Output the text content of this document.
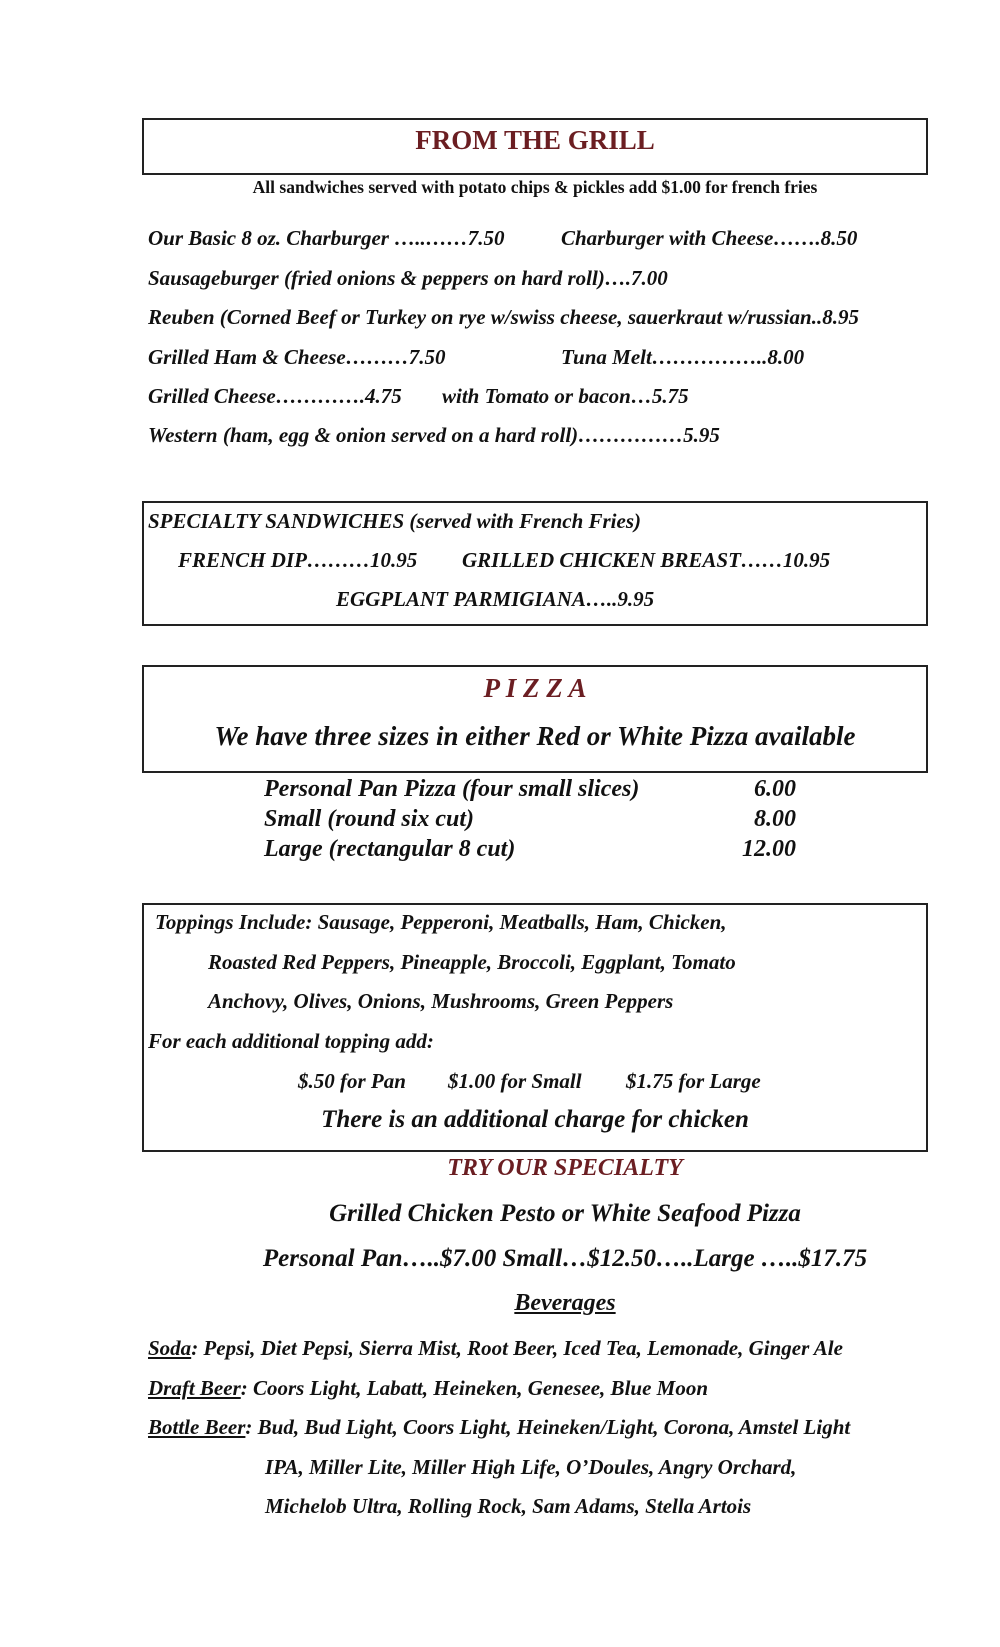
FROM THE GRILL
All sandwiches served with potato chips & pickles add $1.00 for french fries
Our Basic 8 oz. Charburger …..……7.50	Charburger with Cheese…….8.50
Sausageburger (fried onions & peppers on hard roll)….7.00
Reuben (Corned Beef or Turkey on rye w/swiss cheese, sauerkraut w/russian..8.95
Grilled Ham & Cheese………7.50	Tuna Melt……………..8.00
Grilled Cheese………….4.75 with Tomato or bacon…5.75
Western (ham, egg & onion served on a hard roll)……………5.95
SPECIALTY SANDWICHES (served with French Fries)
FRENCH DIP………10.95 GRILLED CHICKEN BREAST……10.95
EGGPLANT PARMIGIANA…..9.95
P I Z Z A
We have three sizes in either Red or White Pizza available
Personal Pan Pizza (four small slices)	6.00
Small (round six cut)	8.00
Large (rectangular 8 cut)	12.00
Toppings Include: Sausage, Pepperoni, Meatballs, Ham, Chicken,
Roasted Red Peppers, Pineapple, Broccoli, Eggplant, Tomato
Anchovy, Olives, Onions, Mushrooms, Green Peppers
For each additional topping add:
$.50 for Pan $1.00 for Small $1.75 for Large
There is an additional charge for chicken
TRY OUR SPECIALTY
Grilled Chicken Pesto or White Seafood Pizza
Personal Pan…..$7.00 Small…$12.50…..Large …..$17.75
Beverages
Soda: Pepsi, Diet Pepsi, Sierra Mist, Root Beer, Iced Tea, Lemonade, Ginger Ale
Draft Beer: Coors Light, Labatt, Heineken, Genesee, Blue Moon
Bottle Beer: Bud, Bud Light, Coors Light, Heineken/Light, Corona, Amstel Light
IPA, Miller Lite, Miller High Life, O’Doules, Angry Orchard,
Michelob Ultra, Rolling Rock, Sam Adams, Stella Artois
